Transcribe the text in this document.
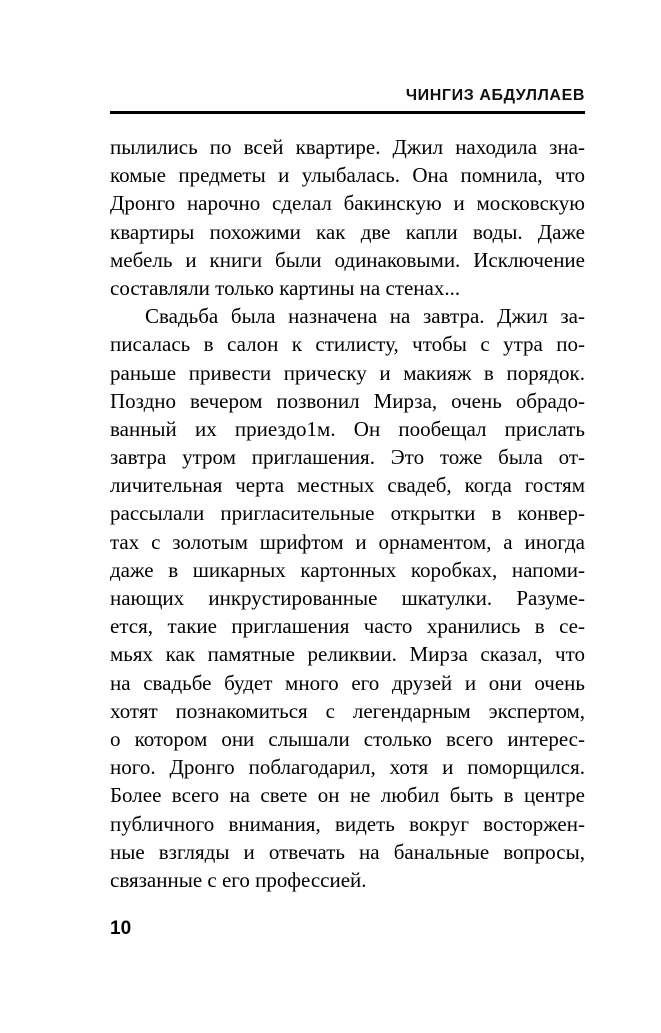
ЧИНГИЗ АБДУЛЛАЕВ
пылились по всей квартире. Джил находила зна-
комые предметы и улыбалась. Она помнила, что
Дронго нарочно сделал бакинскую и московскую
квартиры похожими как две капли воды. Даже
мебель и книги были одинаковыми. Исключение
составляли только картины на стенах...
Свадьба была назначена на завтра. Джил за-
писалась в салон к стилисту, чтобы с утра по-
раньше привести прическу и макияж в порядок.
Поздно вечером позвонил Мирза, очень обрадо-
ванный их приездо1м. Он пообещал прислать
завтра утром приглашения. Это тоже была от-
личительная черта местных свадеб, когда гостям
рассылали пригласительные открытки в конвер-
тах с золотым шрифтом и орнаментом, а иногда
даже в шикарных картонных коробках, напоми-
нающих инкрустированные шкатулки. Разуме-
ется, такие приглашения часто хранились в се-
мьях как памятные реликвии. Мирза сказал, что
на свадьбе будет много его друзей и они очень
хотят познакомиться с легендарным экспертом,
о котором они слышали столько всего интерес-
ного. Дронго поблагодарил, хотя и поморщился.
Более всего на свете он не любил быть в центре
публичного внимания, видеть вокруг восторжен-
ные взгляды и отвечать на банальные вопросы,
связанные с его профессией.
10
